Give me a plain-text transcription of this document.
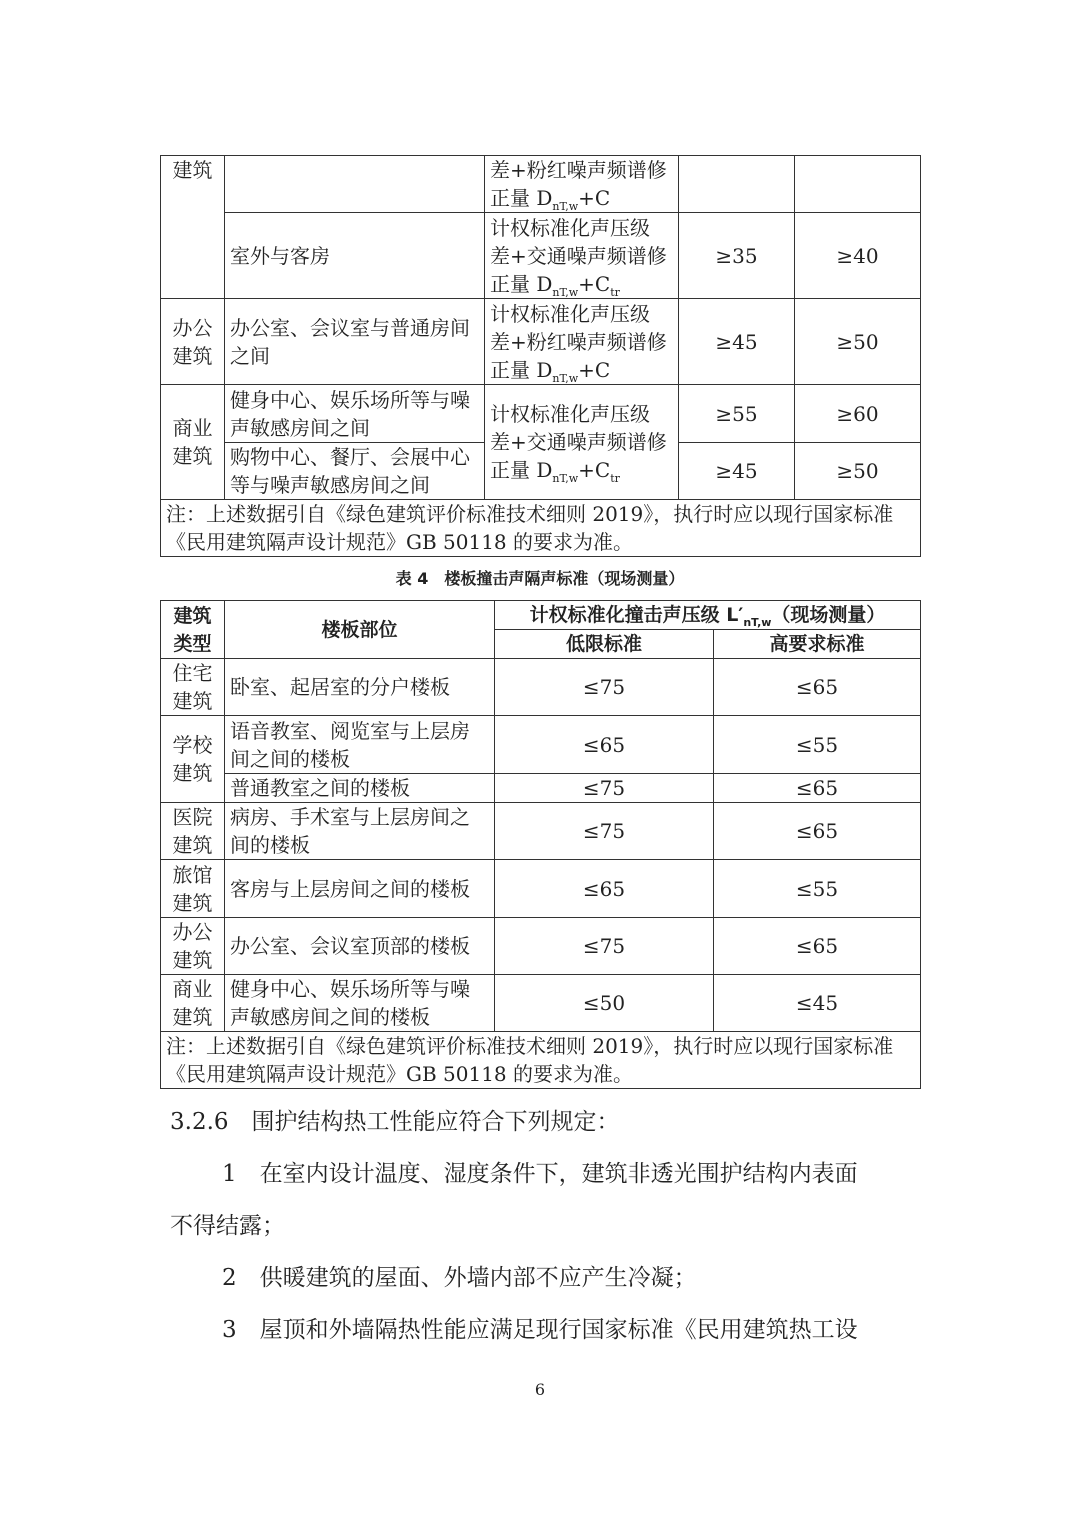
建筑		差+粉红噪声频谱修
正量 $D_{nT,w}+C$		
	室外与客房	计权标准化声压级
差+交通噪声频谱修
正量 $D_{nT,w}+C_{tr}$	≥35	≥40
办公
建筑	办公室、会议室与普通房间之间	计权标准化声压级
差+粉红噪声频谱修
正量 $D_{nT,w}+C$	≥45	≥50
商业
建筑	健身中心、娱乐场所等与噪声敏感房间之间	计权标准化声压级
差+交通噪声频谱修
正量 $D_{nT,w}+C_{tr}$	≥55	≥60
	购物中心、餐厅、会展中心等与噪声敏感房间之间		≥45	≥50
注：上述数据引自《绿色建筑评价标准技术细则 2019》，执行时应以现行国家标准《民用建筑隔声设计规范》GB 50118 的要求为准。				
表 4　楼板撞击声隔声标准（现场测量）
建筑类型	楼板部位	计权标准化撞击声压级 $L'_{nT,w}$（现场测量）	
		低限标准	高要求标准
住宅建筑	卧室、起居室的分户楼板	≤75	≤65
学校建筑	语音教室、阅览室与上层房间之间的楼板	≤65	≤55
	普通教室之间的楼板	≤75	≤65
医院建筑	病房、手术室与上层房间之间的楼板	≤75	≤65
旅馆建筑	客房与上层房间之间的楼板	≤65	≤55
办公建筑	办公室、会议室顶部的楼板	≤75	≤65
商业建筑	健身中心、娱乐场所等与噪声敏感房间之间的楼板	≤50	≤45
注：上述数据引自《绿色建筑评价标准技术细则 2019》，执行时应以现行国家标准《民用建筑隔声设计规范》GB 50118 的要求为准。			
3.2.6　围护结构热工性能应符合下列规定：
1　在室内设计温度、湿度条件下，建筑非透光围护结构内表面
不得结露；
2　供暖建筑的屋面、外墙内部不应产生冷凝；
3　屋顶和外墙隔热性能应满足现行国家标准《民用建筑热工设
6
